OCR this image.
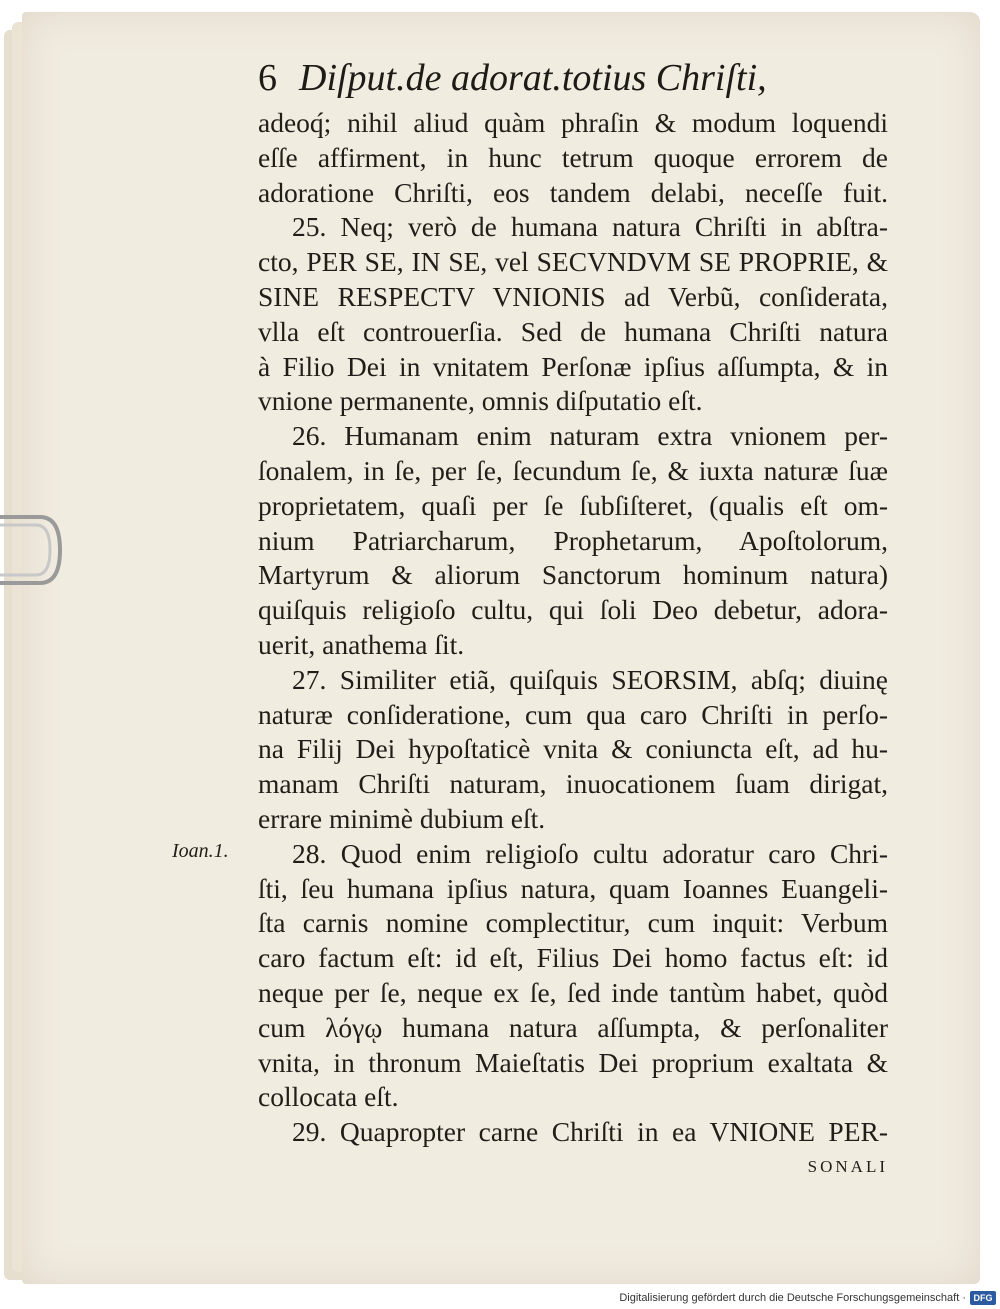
6 Diſput.de adorat.totius Chriſti,
Ioan.1.
adeoq́; nihil aliud quàm phraſin & modum loquendi
eſſe affirment, in hunc tetrum quoque errorem de
adoratione Chriſti, eos tandem delabi, neceſſe fuit.
25. Neq; verò de humana natura Chriſti in abſtra-
cto, PER SE, IN SE, vel SECVNDVM SE PROPRIE, &
SINE RESPECTV VNIONIS ad Verbũ, conſiderata,
vlla eſt controuerſia. Sed de humana Chriſti natura
à Filio Dei in vnitatem Perſonæ ipſius aſſumpta, & in
vnione permanente, omnis diſputatio eſt.
26. Humanam enim naturam extra vnionem per-
ſonalem, in ſe, per ſe, ſecundum ſe, & iuxta naturæ ſuæ
proprietatem, quaſi per ſe ſubſiſteret, (qualis eſt om-
nium Patriarcharum, Prophetarum, Apoſtolorum,
Martyrum & aliorum Sanctorum hominum natura)
quiſquis religioſo cultu, qui ſoli Deo debetur, adora-
uerit, anathema ſit.
27. Similiter etiã, quiſquis SEORSIM, abſq; diuinę
naturæ conſideratione, cum qua caro Chriſti in perſo-
na Filij Dei hypoſtaticè vnita & coniuncta eſt, ad hu-
manam Chriſti naturam, inuocationem ſuam dirigat,
errare minimè dubium eſt.
28. Quod enim religioſo cultu adoratur caro Chri-
ſti, ſeu humana ipſius natura, quam Ioannes Euangeli-
ſta carnis nomine complectitur, cum inquit: Verbum
caro factum eſt: id eſt, Filius Dei homo factus eſt: id
neque per ſe, neque ex ſe, ſed inde tantùm habet, quòd
cum λόγῳ humana natura aſſumpta, & perſonaliter
vnita, in thronum Maieſtatis Dei proprium exaltata &
collocata eſt.
29. Quapropter carne Chriſti in ea VNIONE PER-
SONALI
Digitalisierung gefördert durch die Deutsche Forschungsgemeinschaft · DFG
